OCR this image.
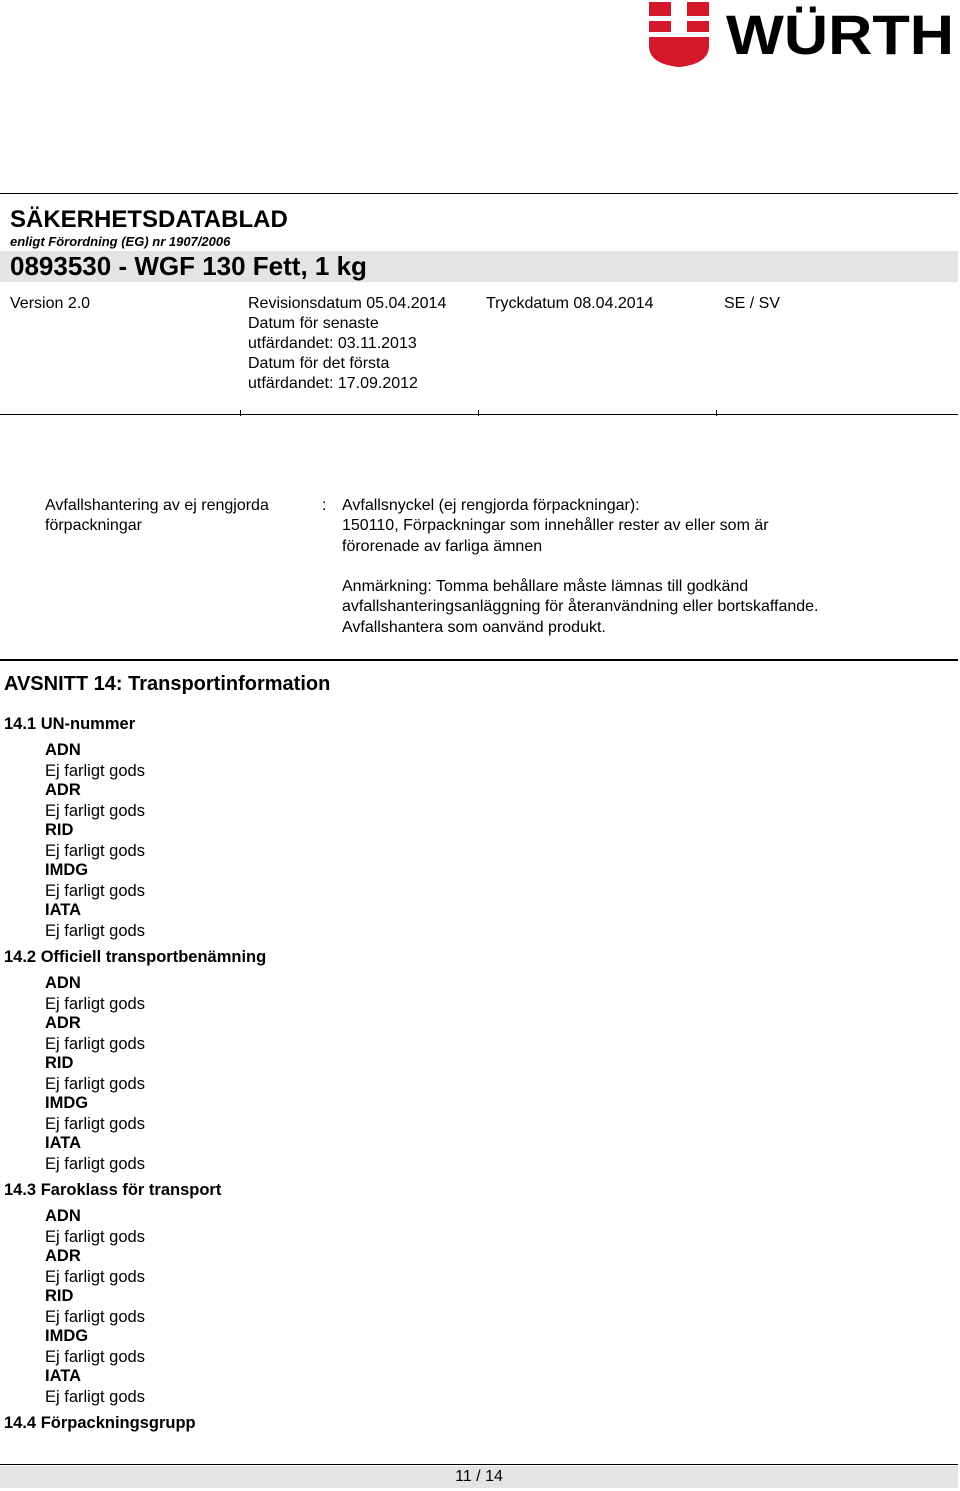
WÜRTH
SÄKERHETSDATABLAD
enligt Förordning (EG) nr 1907/2006
0893530 - WGF 130 Fett, 1 kg
Version 2.0	Revisionsdatum 05.04.2014
Datum för senaste
utfärdandet: 03.11.2013
Datum för det första
utfärdandet: 17.09.2012
Tryckdatum 08.04.2014	SE / SV
Avfallshantering av ej rengjorda
förpackningar
: Avfallsnyckel (ej rengjorda förpackningar):
150110, Förpackningar som innehåller rester av eller som är
förorenade av farliga ämnen
Anmärkning: Tomma behållare måste lämnas till godkänd
avfallshanteringsanläggning för återanvändning eller bortskaffande.
Avfallshantera som oanvänd produkt.
AVSNITT 14: Transportinformation
14.1 UN-nummer
ADN
Ej farligt gods
ADR
Ej farligt gods
RID
Ej farligt gods
IMDG
Ej farligt gods
IATA
Ej farligt gods
14.2 Officiell transportbenämning
ADN
Ej farligt gods
ADR
Ej farligt gods
RID
Ej farligt gods
IMDG
Ej farligt gods
IATA
Ej farligt gods
14.3 Faroklass för transport
ADN
Ej farligt gods
ADR
Ej farligt gods
RID
Ej farligt gods
IMDG
Ej farligt gods
IATA
Ej farligt gods
14.4 Förpackningsgrupp
11 / 14
